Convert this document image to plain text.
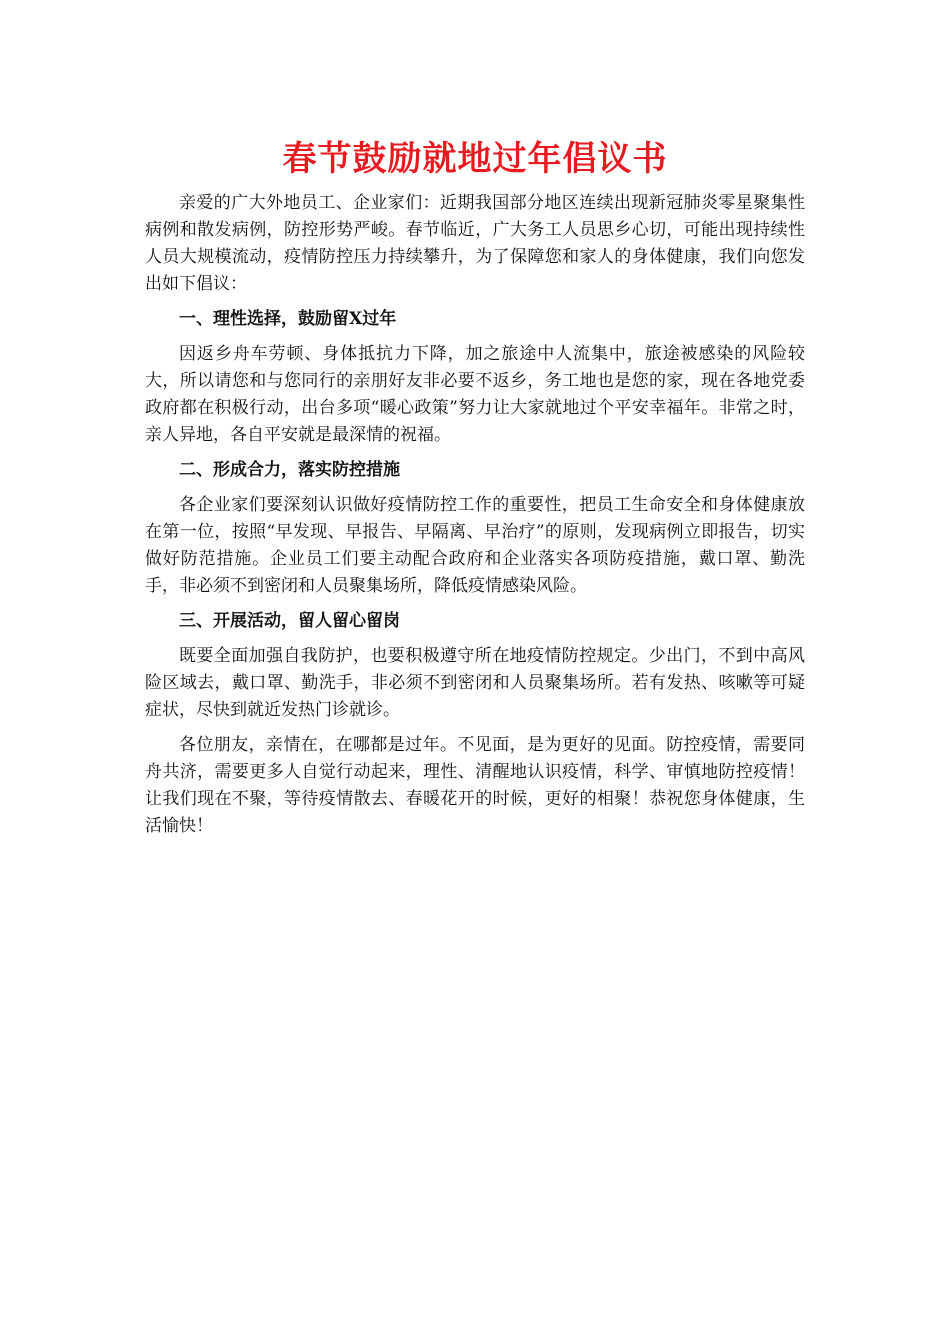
春节鼓励就地过年倡议书

亲爱的广大外地员工、企业家们：近期我国部分地区连续出现新冠肺炎零星聚集性病例和散发病例，防控形势严峻。春节临近，广大务工人员思乡心切，可能出现持续性人员大规模流动，疫情防控压力持续攀升，为了保障您和家人的身体健康，我们向您发出如下倡议：

一、理性选择，鼓励留X过年

因返乡舟车劳顿、身体抵抗力下降，加之旅途中人流集中，旅途被感染的风险较大，所以请您和与您同行的亲朋好友非必要不返乡，务工地也是您的家，现在各地党委政府都在积极行动，出台多项“暖心政策”努力让大家就地过个平安幸福年。非常之时，亲人异地，各自平安就是最深情的祝福。

二、形成合力，落实防控措施

各企业家们要深刻认识做好疫情防控工作的重要性，把员工生命安全和身体健康放在第一位，按照“早发现、早报告、早隔离、早治疗”的原则，发现病例立即报告，切实做好防范措施。企业员工们要主动配合政府和企业落实各项防疫措施，戴口罩、勤洗手，非必须不到密闭和人员聚集场所，降低疫情感染风险。

三、开展活动，留人留心留岗

既要全面加强自我防护，也要积极遵守所在地疫情防控规定。少出门，不到中高风险区域去，戴口罩、勤洗手，非必须不到密闭和人员聚集场所。若有发热、咳嗽等可疑症状，尽快到就近发热门诊就诊。

各位朋友，亲情在，在哪都是过年。不见面，是为更好的见面。防控疫情，需要同舟共济，需要更多人自觉行动起来，理性、清醒地认识疫情，科学、审慎地防控疫情！让我们现在不聚，等待疫情散去、春暖花开的时候，更好的相聚！恭祝您身体健康，生活愉快！
